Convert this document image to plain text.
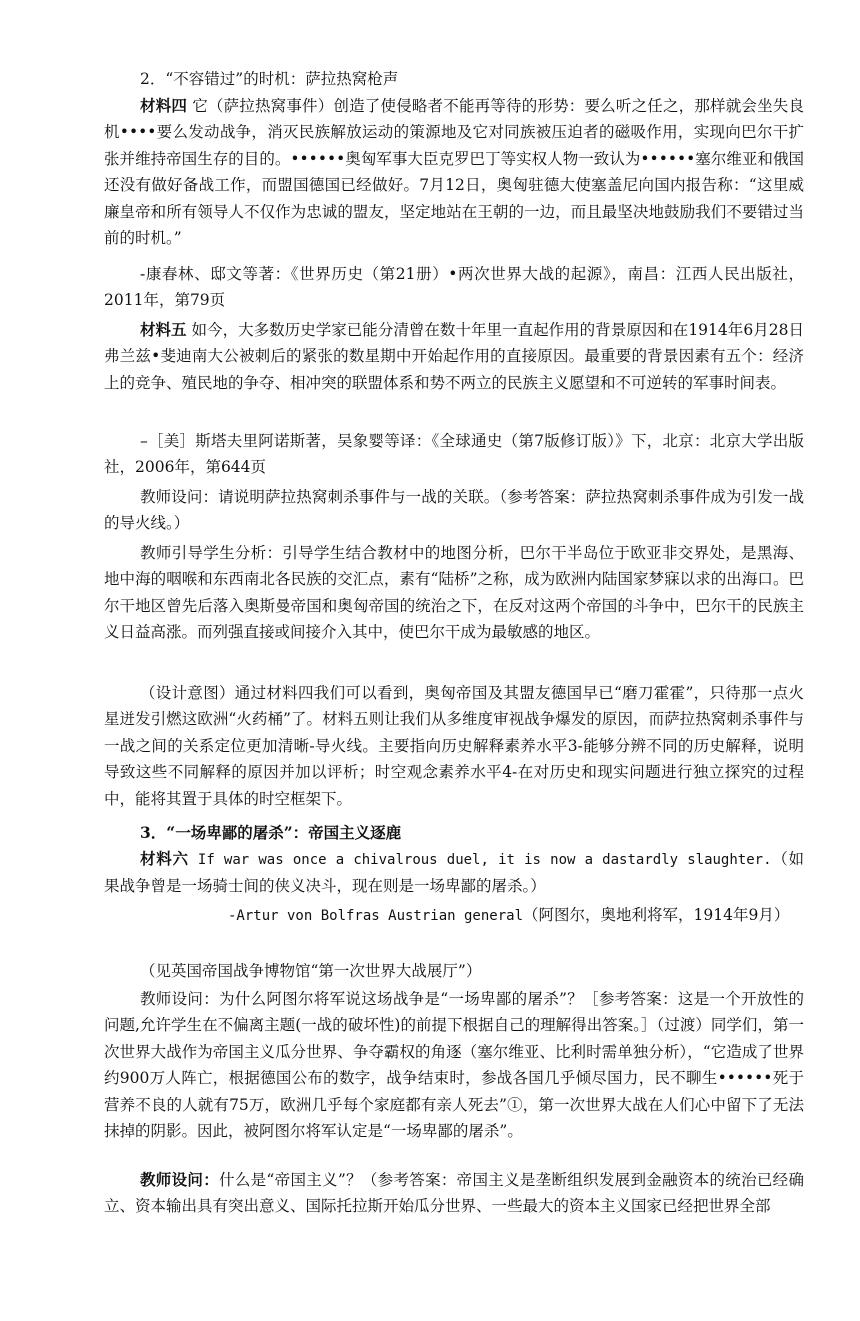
2．“不容错过”的时机：萨拉热窝枪声

材料四 它（萨拉热窝事件）创造了使侵略者不能再等待的形势：要么听之任之，那样就会坐失良机••••要么发动战争，消灭民族解放运动的策源地及它对同族被压迫者的磁吸作用，实现向巴尔干扩张并维持帝国生存的目的。••••••奥匈军事大臣克罗巴丁等实权人物一致认为••••••塞尔维亚和俄国还没有做好备战工作，而盟国德国已经做好。7月12日，奥匈驻德大使塞盖尼向国内报告称：“这里威廉皇帝和所有领导人不仅作为忠诚的盟友，坚定地站在王朝的一边，而且最坚决地鼓励我们不要错过当前的时机。”

-康春林、邸文等著：《世界历史（第21册）•两次世界大战的起源》，南昌：江西人民出版社，2011年，第79页

材料五 如今，大多数历史学家已能分清曾在数十年里一直起作用的背景原因和在1914年6月28日弗兰兹•斐迪南大公被刺后的紧张的数星期中开始起作用的直接原因。最重要的背景因素有五个：经济上的竞争、殖民地的争夺、相冲突的联盟体系和势不两立的民族主义愿望和不可逆转的军事时间表。

–［美］斯塔夫里阿诺斯著，吴象婴等译：《全球通史（第7版修订版）》下，北京：北京大学出版社，2006年，第644页

教师设问：请说明萨拉热窝刺杀事件与一战的关联。（参考答案：萨拉热窝刺杀事件成为引发一战的导火线。）

教师引导学生分析：引导学生结合教材中的地图分析，巴尔干半岛位于欧亚非交界处，是黑海、地中海的咽喉和东西南北各民族的交汇点，素有“陆桥”之称，成为欧洲内陆国家梦寐以求的出海口。巴尔干地区曾先后落入奥斯曼帝国和奥匈帝国的统治之下，在反对这两个帝国的斗争中，巴尔干的民族主义日益高涨。而列强直接或间接介入其中，使巴尔干成为最敏感的地区。

（设计意图）通过材料四我们可以看到，奥匈帝国及其盟友德国早已“磨刀霍霍”，只待那一点火星迸发引燃这欧洲“火药桶”了。材料五则让我们从多维度审视战争爆发的原因，而萨拉热窝刺杀事件与一战之间的关系定位更加清晰-导火线。主要指向历史解释素养水平3-能够分辨不同的历史解释，说明导致这些不同解释的原因并加以评析；时空观念素养水平4-在对历史和现实问题进行独立探究的过程中，能将其置于具体的时空框架下。

3．“一场卑鄙的屠杀”：帝国主义逐鹿

材料六 If war was once a chivalrous duel, it is now a dastardly slaughter.（如果战争曾是一场骑士间的侠义决斗，现在则是一场卑鄙的屠杀。）

-Artur von Bolfras Austrian general（阿图尔，奥地利将军，1914年9月）

（见英国帝国战争博物馆“第一次世界大战展厅”）

教师设问：为什么阿图尔将军说这场战争是“一场卑鄙的屠杀”？［参考答案：这是一个开放性的问题,允许学生在不偏离主题(一战的破坏性)的前提下根据自己的理解得出答案。］（过渡）同学们，第一次世界大战作为帝国主义瓜分世界、争夺霸权的角逐（塞尔维亚、比利时需单独分析），“它造成了世界约900万人阵亡，根据德国公布的数字，战争结束时，参战各国几乎倾尽国力，民不聊生••••••死于营养不良的人就有75万，欧洲几乎每个家庭都有亲人死去”①，第一次世界大战在人们心中留下了无法抹掉的阴影。因此，被阿图尔将军认定是“一场卑鄙的屠杀”。

教师设问：什么是“帝国主义”？（参考答案：帝国主义是垄断组织发展到金融资本的统治已经确立、资本输出具有突出意义、国际托拉斯开始瓜分世界、一些最大的资本主义国家已经把世界全部
